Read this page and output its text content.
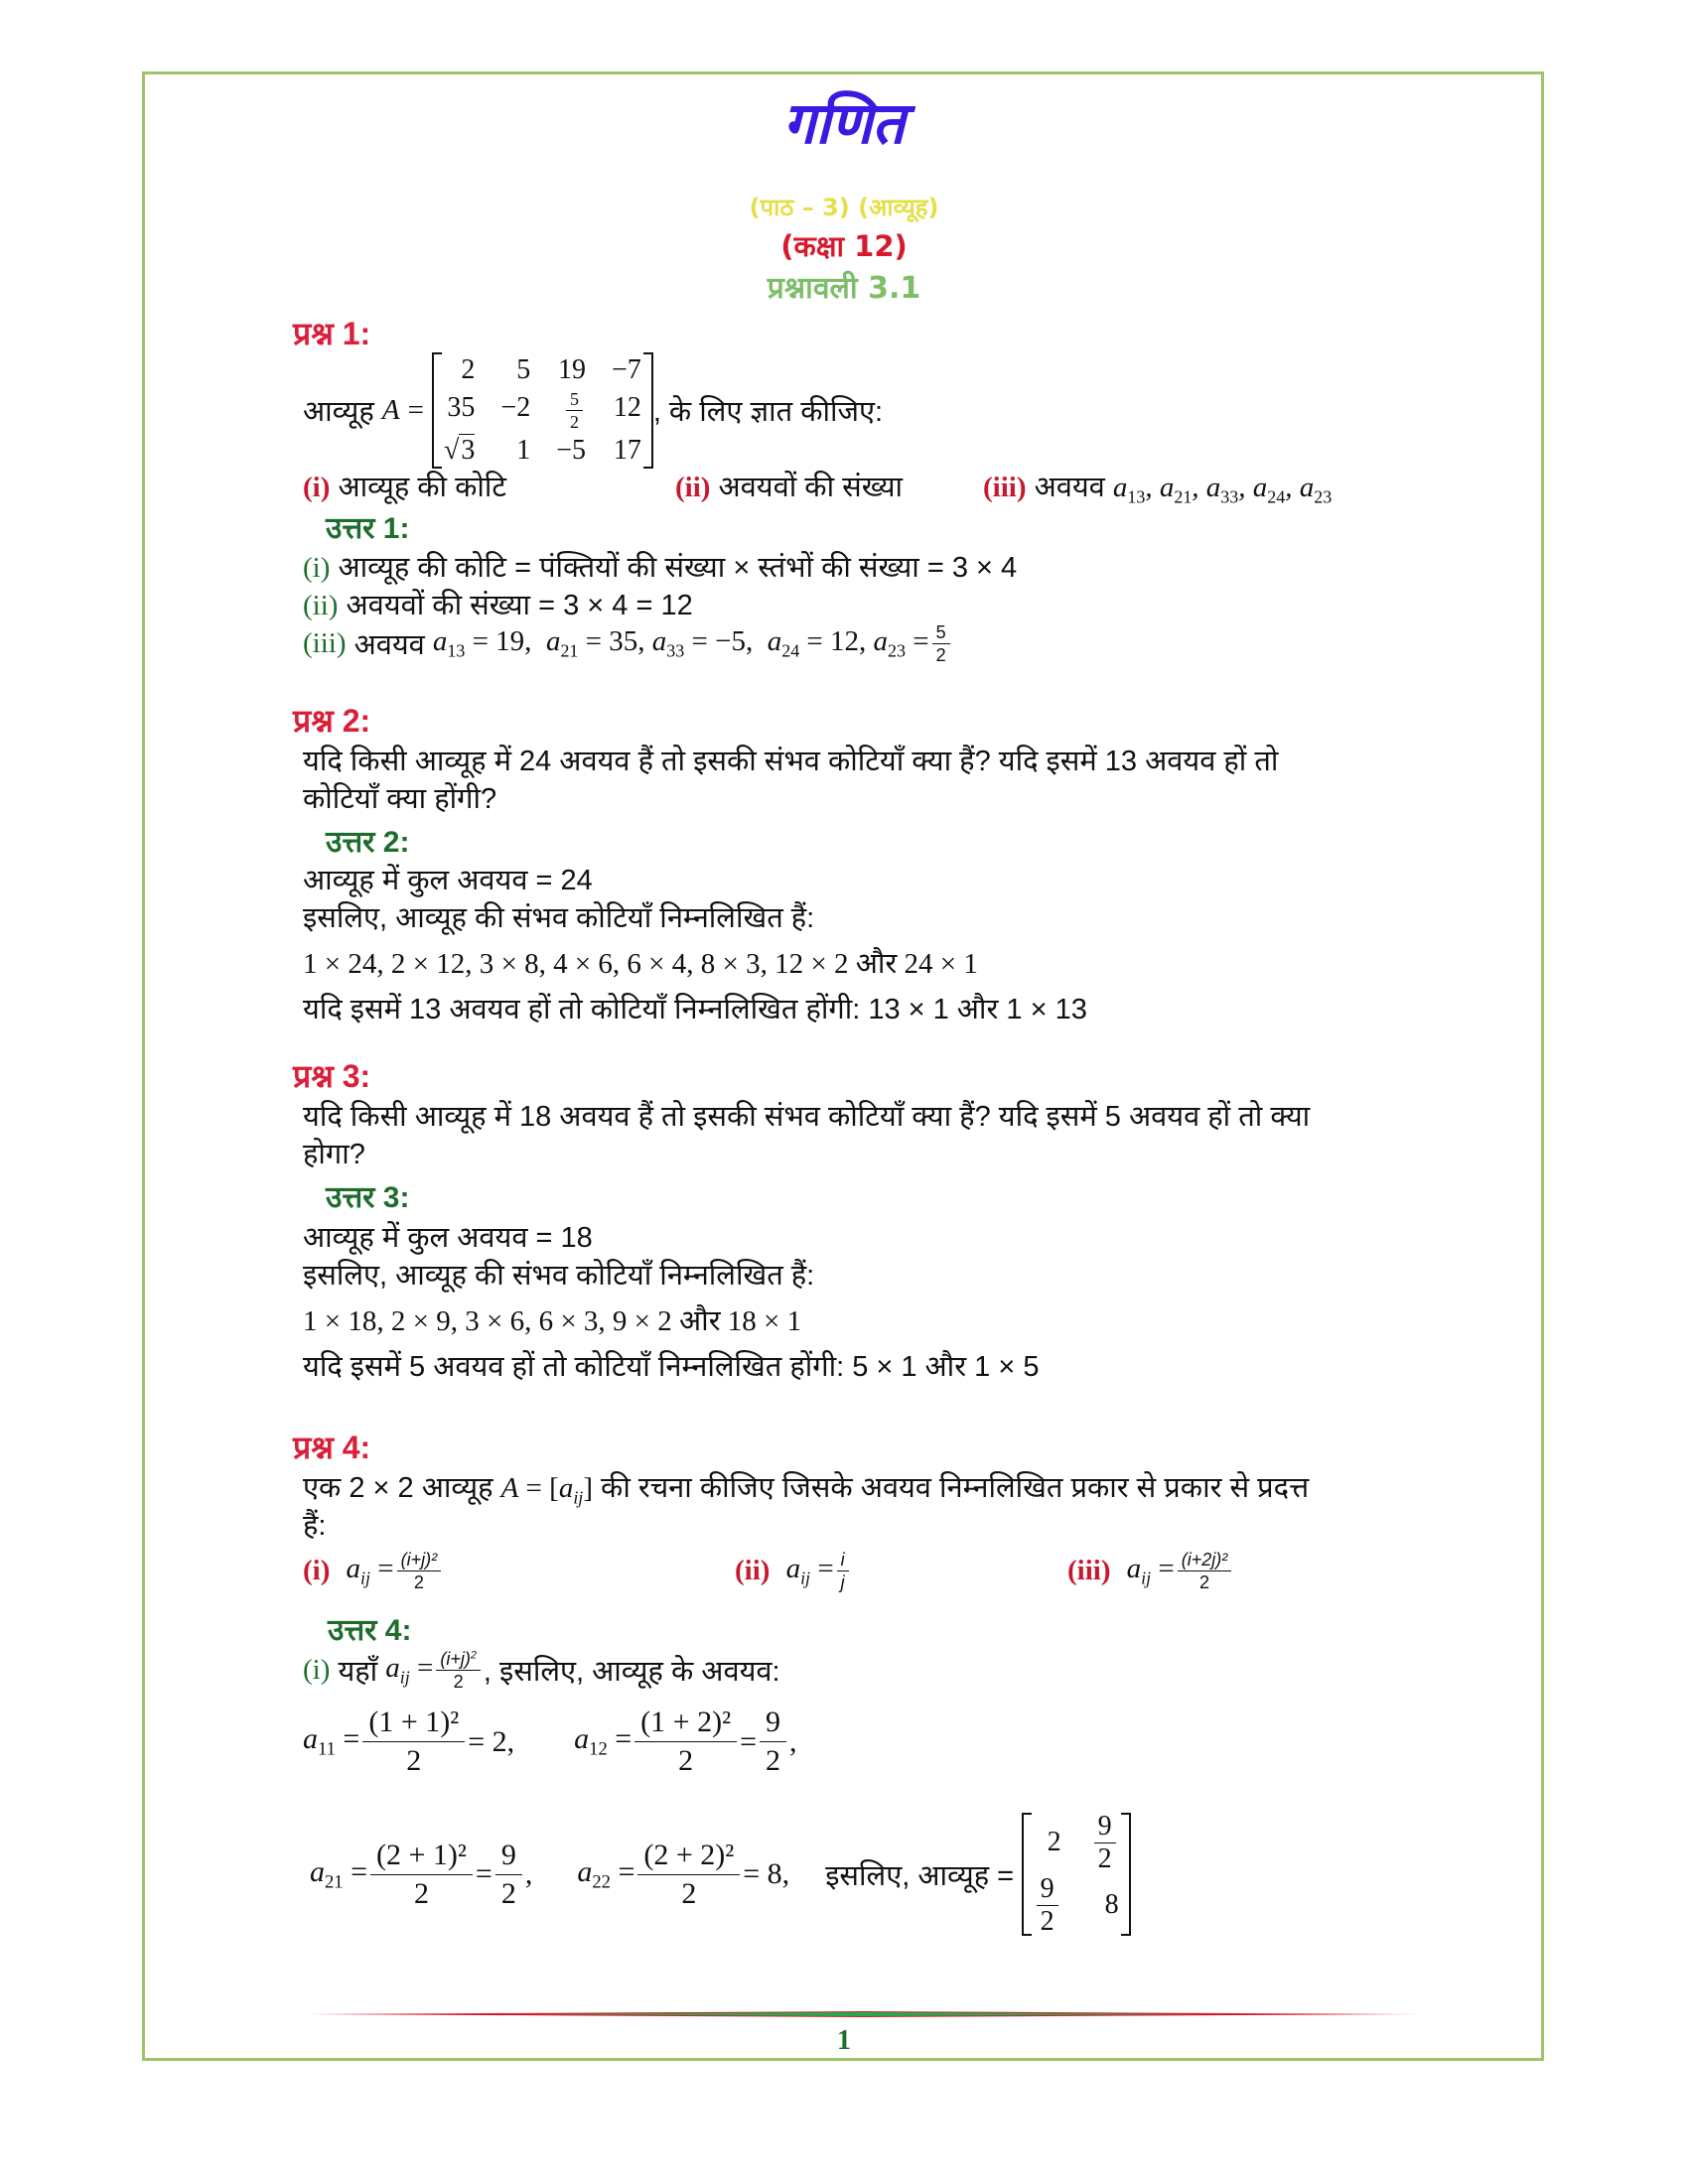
गणित
(पाठ – 3) (आव्यूह)
(कक्षा 12)
प्रश्नावली 3.1
प्रश्न 1:
आव्यूह
A
=

2	5 19 −7
$35 -2 \frac{5}{2} 12$
√3	1 −5 17
, के लिए ज्ञात कीजिए:
(i) आव्यूह की कोटि	(ii) अवयवों की संख्या	(iii) अवयव $a_{13}$, $a_{21}$, $a_{33}$, $a_{24}$, $a_{23}$
उत्तर 1:
(i) आव्यूह की कोटि = पंक्तियों की संख्या × स्तंभों की संख्या = 3 × 4
(ii) अवयवों की संख्या = 3 × 4 = 12
(iii)
अवयव
$a_{13} = 19$,  $a_{21} = 35$, $a_{33} = -5$,  $a_{24} = 12$, $a_{23} = \frac{5}{2}$
प्रश्न 2:
यदि किसी आव्यूह में 24 अवयव हैं तो इसकी संभव कोटियाँ क्या हैं? यदि इसमें 13 अवयव हों तो
कोटियाँ क्या होंगी?
उत्तर 2:
आव्यूह में कुल अवयव = 24
इसलिए, आव्यूह की संभव कोटियाँ निम्नलिखित हैं:
1 × 24, 2 × 12, 3 × 8, 4 × 6, 6 × 4, 8 × 3, 12 × 2 और 24 × 1
यदि इसमें 13 अवयव हों तो कोटियाँ निम्नलिखित होंगी: 13 × 1 और 1 × 13
प्रश्न 3:
यदि किसी आव्यूह में 18 अवयव हैं तो इसकी संभव कोटियाँ क्या हैं? यदि इसमें 5 अवयव हों तो क्या
होगा?
उत्तर 3:
आव्यूह में कुल अवयव = 18
इसलिए, आव्यूह की संभव कोटियाँ निम्नलिखित हैं:
1 × 18, 2 × 9, 3 × 6, 6 × 3, 9 × 2 और 18 × 1
यदि इसमें 5 अवयव हों तो कोटियाँ निम्नलिखित होंगी: 5 × 1 और 1 × 5
प्रश्न 4:
एक 2 × 2 आव्यूह $A = [a_{ij}]$ की रचना कीजिए जिसके अवयव निम्नलिखित प्रकार से प्रकार से प्रदत्त
हैं:
(i)
$a_{ij} = \frac{\text{(i+j)²}}{2}$	(ii)
$a_{ij} = \frac{i}{j}$	(iii)
$a_{ij} = \frac{\text{(i+2j)²}}{2}$
उत्तर 4:
(i)
यहाँ
$a_{ij} = \frac{(i+j)^2}{2}$ , इसलिए, आव्यूह के अवयव:
$a_{11} = \frac{\text{(1 + 1)²}}{2} = 2$, $a_{12} = \frac{\text{(1 + 2)²}}{2} = \frac{9}{2}$ ,
$a_{21} = \frac{\text{(2 + 1)²}}{2} = \frac{9}{2}$ , $a_{22} = \frac{\text{(2 + 2)²}}{2} = 8$, इसलिए, आव्यूह =

$2 \frac{9}{2}$
$\frac{9}{2}$	8
1
